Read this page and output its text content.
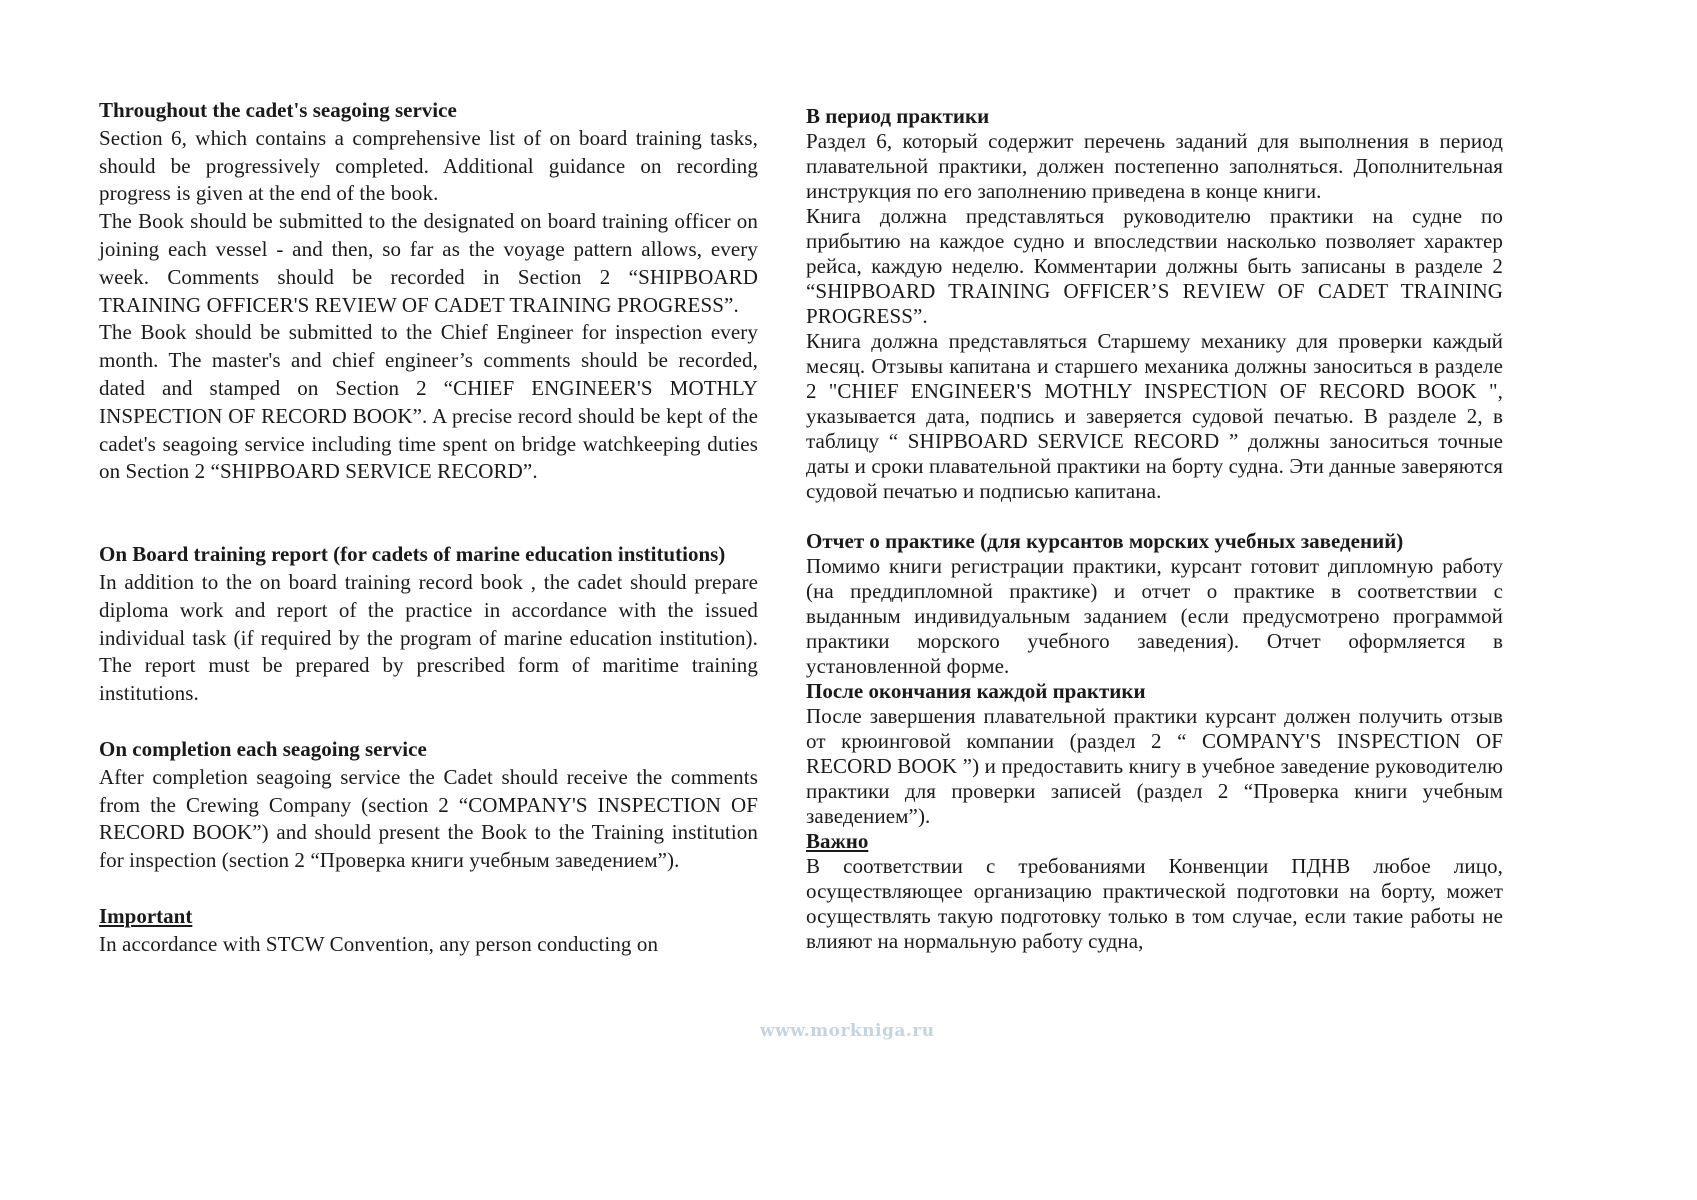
Throughout the cadet's seagoing service

Section 6, which contains a comprehensive list of on board training tasks, should be progressively completed. Additional guidance on recording progress is given at the end of the book.

The Book should be submitted to the designated on board training officer on joining each vessel - and then, so far as the voyage pattern allows, every week. Comments should be recorded in Section 2 “SHIPBOARD TRAINING OFFICER'S REVIEW OF CADET TRAINING PROGRESS”.

The Book should be submitted to the Chief Engineer for inspection every month. The master's and chief engineer’s comments should be recorded, dated and stamped on Section 2 “CHIEF ENGINEER'S MOTHLY INSPECTION OF RECORD BOOK”. A precise record should be kept of the cadet's seagoing service including time spent on bridge watchkeeping duties on Section 2 “SHIPBOARD SERVICE RECORD”.

On Board training report (for cadets of marine education institutions)

In addition to the on board training record book , the cadet should prepare diploma work and report of the practice in accordance with the issued individual task (if required by the program of marine education institution). The report must be prepared by prescribed form of maritime training institutions.

On completion each seagoing service

After completion seagoing service the Cadet should receive the comments from the Crewing Company (section 2 “COMPANY'S INSPECTION OF RECORD BOOK”) and should present the Book to the Training institution for inspection (section 2 “Проверка книги учебным заведением”).

Important

In accordance with STCW Convention, any person conducting on

В период практики

Раздел 6, который содержит перечень заданий для выполнения в период плавательной практики, должен постепенно заполняться. Дополнительная инструкция по его заполнению приведена в конце книги.

Книга должна представляться руководителю практики на судне по прибытию на каждое судно и впоследствии насколько позволяет характер рейса, каждую неделю. Комментарии должны быть записаны в разделе 2 “SHIPBOARD TRAINING OFFICER’S REVIEW OF CADET TRAINING PROGRESS”.

Книга должна представляться Старшему механику для проверки каждый месяц. Отзывы капитана и старшего механика должны заноситься в разделе 2 "CHIEF ENGINEER'S MOTHLY INSPECTION OF RECORD BOOK ", указывается дата, подпись и заверяется судовой печатью. В разделе 2, в таблицу “ SHIPBOARD SERVICE RECORD ” должны заноситься точные даты и сроки плавательной практики на борту судна. Эти данные заверяются судовой печатью и подписью капитана.

Отчет о практике (для курсантов морских учебных заведений)

Помимо книги регистрации практики, курсант готовит дипломную работу (на преддипломной практике) и отчет о практике в соответствии с выданным индивидуальным заданием (если предусмотрено программой практики морского учебного заведения). Отчет оформляется в установленной форме.

После окончания каждой практики

После завершения плавательной практики курсант должен получить отзыв от крюинговой компании (раздел 2 “ COMPANY'S INSPECTION OF RECORD BOOK ”) и предоставить книгу в учебное заведение руководителю практики для проверки записей (раздел 2 “Проверка книги учебным заведением”).

Важно

В соответствии с требованиями Конвенции ПДНВ любое лицо, осуществляющее организацию практической подготовки на борту, может осуществлять такую подготовку только в том случае, если такие работы не влияют на нормальную работу судна,

www.morkniga.ru
